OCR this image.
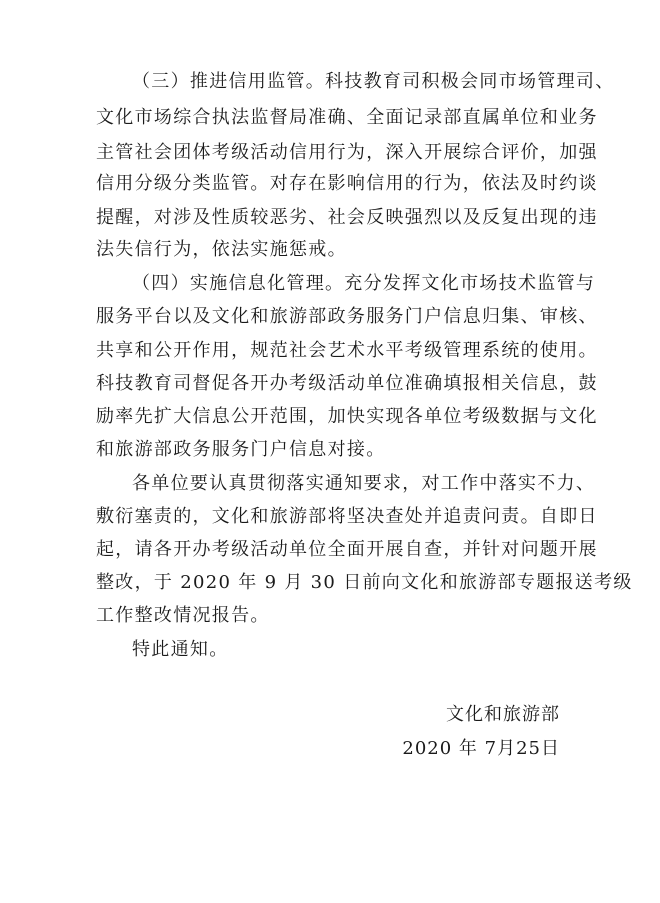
（三）推进信用监管。科技教育司积极会同市场管理司、
文化市场综合执法监督局准确、全面记录部直属单位和业务
主管社会团体考级活动信用行为，深入开展综合评价，加强
信用分级分类监管。对存在影响信用的行为，依法及时约谈
提醒，对涉及性质较恶劣、社会反映强烈以及反复出现的违
法失信行为，依法实施惩戒。
（四）实施信息化管理。充分发挥文化市场技术监管与
服务平台以及文化和旅游部政务服务门户信息归集、审核、
共享和公开作用，规范社会艺术水平考级管理系统的使用。
科技教育司督促各开办考级活动单位准确填报相关信息，鼓
励率先扩大信息公开范围，加快实现各单位考级数据与文化
和旅游部政务服务门户信息对接。
各单位要认真贯彻落实通知要求，对工作中落实不力、
敷衍塞责的，文化和旅游部将坚决查处并追责问责。自即日
起，请各开办考级活动单位全面开展自查，并针对问题开展
整改，于 2020 年 9 月 30 日前向文化和旅游部专题报送考级
工作整改情况报告。
特此通知。
文化和旅游部
2020 年 7月25日
